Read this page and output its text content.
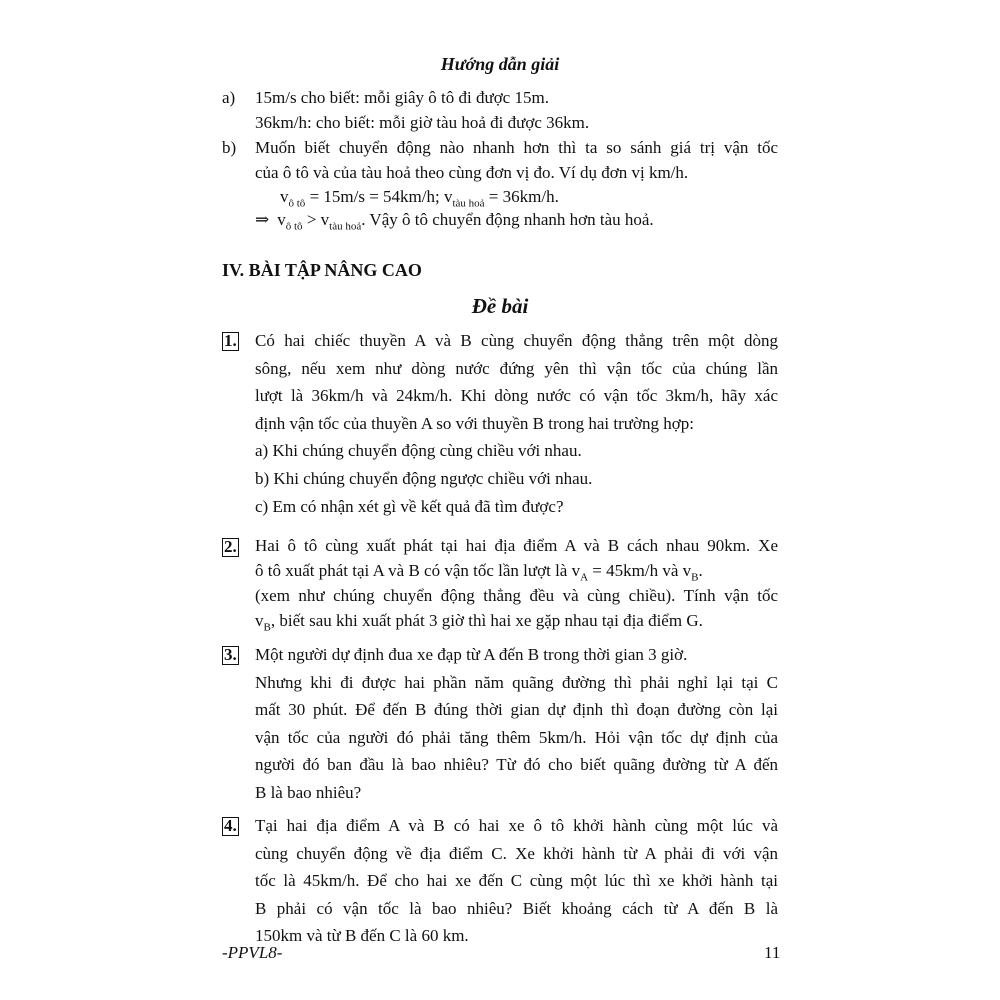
Hướng dẫn giải
a) 15m/s cho biết: mỗi giây ô tô đi được 15m.
36km/h: cho biết: mỗi giờ tàu hoả đi được 36km.
b) Muốn biết chuyển động nào nhanh hơn thì ta so sánh giá trị vận tốc
của ô tô và của tàu hoả theo cùng đơn vị đo. Ví dụ đơn vị km/h.
$v_{ô tô} = 15m/s = 54km/h$; $v_{tàu hoả} = 36km/h$.
⇒ $v_{ô tô} > v_{tàu hoả}$. Vậy ô tô chuyển động nhanh hơn tàu hoả.
IV. BÀI TẬP NÂNG CAO
Đề bài
1. Có hai chiếc thuyền A và B cùng chuyển động thẳng trên một dòng
sông, nếu xem như dòng nước đứng yên thì vận tốc của chúng lần
lượt là 36km/h và 24km/h. Khi dòng nước có vận tốc 3km/h, hãy xác
định vận tốc của thuyền A so với thuyền B trong hai trường hợp:
a) Khi chúng chuyển động cùng chiều với nhau.
b) Khi chúng chuyển động ngược chiều với nhau.
c) Em có nhận xét gì về kết quả đã tìm được?
2. Hai ô tô cùng xuất phát tại hai địa điểm A và B cách nhau 90km. Xe
ô tô xuất phát tại A và B có vận tốc lần lượt là $v_A = 45km/h$ và $v_B$.
(xem như chúng chuyển động thẳng đều và cùng chiều). Tính vận tốc
$v_B$, biết sau khi xuất phát 3 giờ thì hai xe gặp nhau tại địa điểm G.
3. Một người dự định đua xe đạp từ A đến B trong thời gian 3 giờ.
Nhưng khi đi được hai phần năm quãng đường thì phải nghỉ lại tại C
mất 30 phút. Để đến B đúng thời gian dự định thì đoạn đường còn lại
vận tốc của người đó phải tăng thêm 5km/h. Hỏi vận tốc dự định của
người đó ban đầu là bao nhiêu? Từ đó cho biết quãng đường từ A đến
B là bao nhiêu?
4. Tại hai địa điểm A và B có hai xe ô tô khởi hành cùng một lúc và
cùng chuyển động về địa điểm C. Xe khởi hành từ A phải đi với vận
tốc là 45km/h. Để cho hai xe đến C cùng một lúc thì xe khởi hành tại
B phải có vận tốc là bao nhiêu? Biết khoảng cách từ A đến B là
150km và từ B đến C là 60 km.
-PPVL8-	11
